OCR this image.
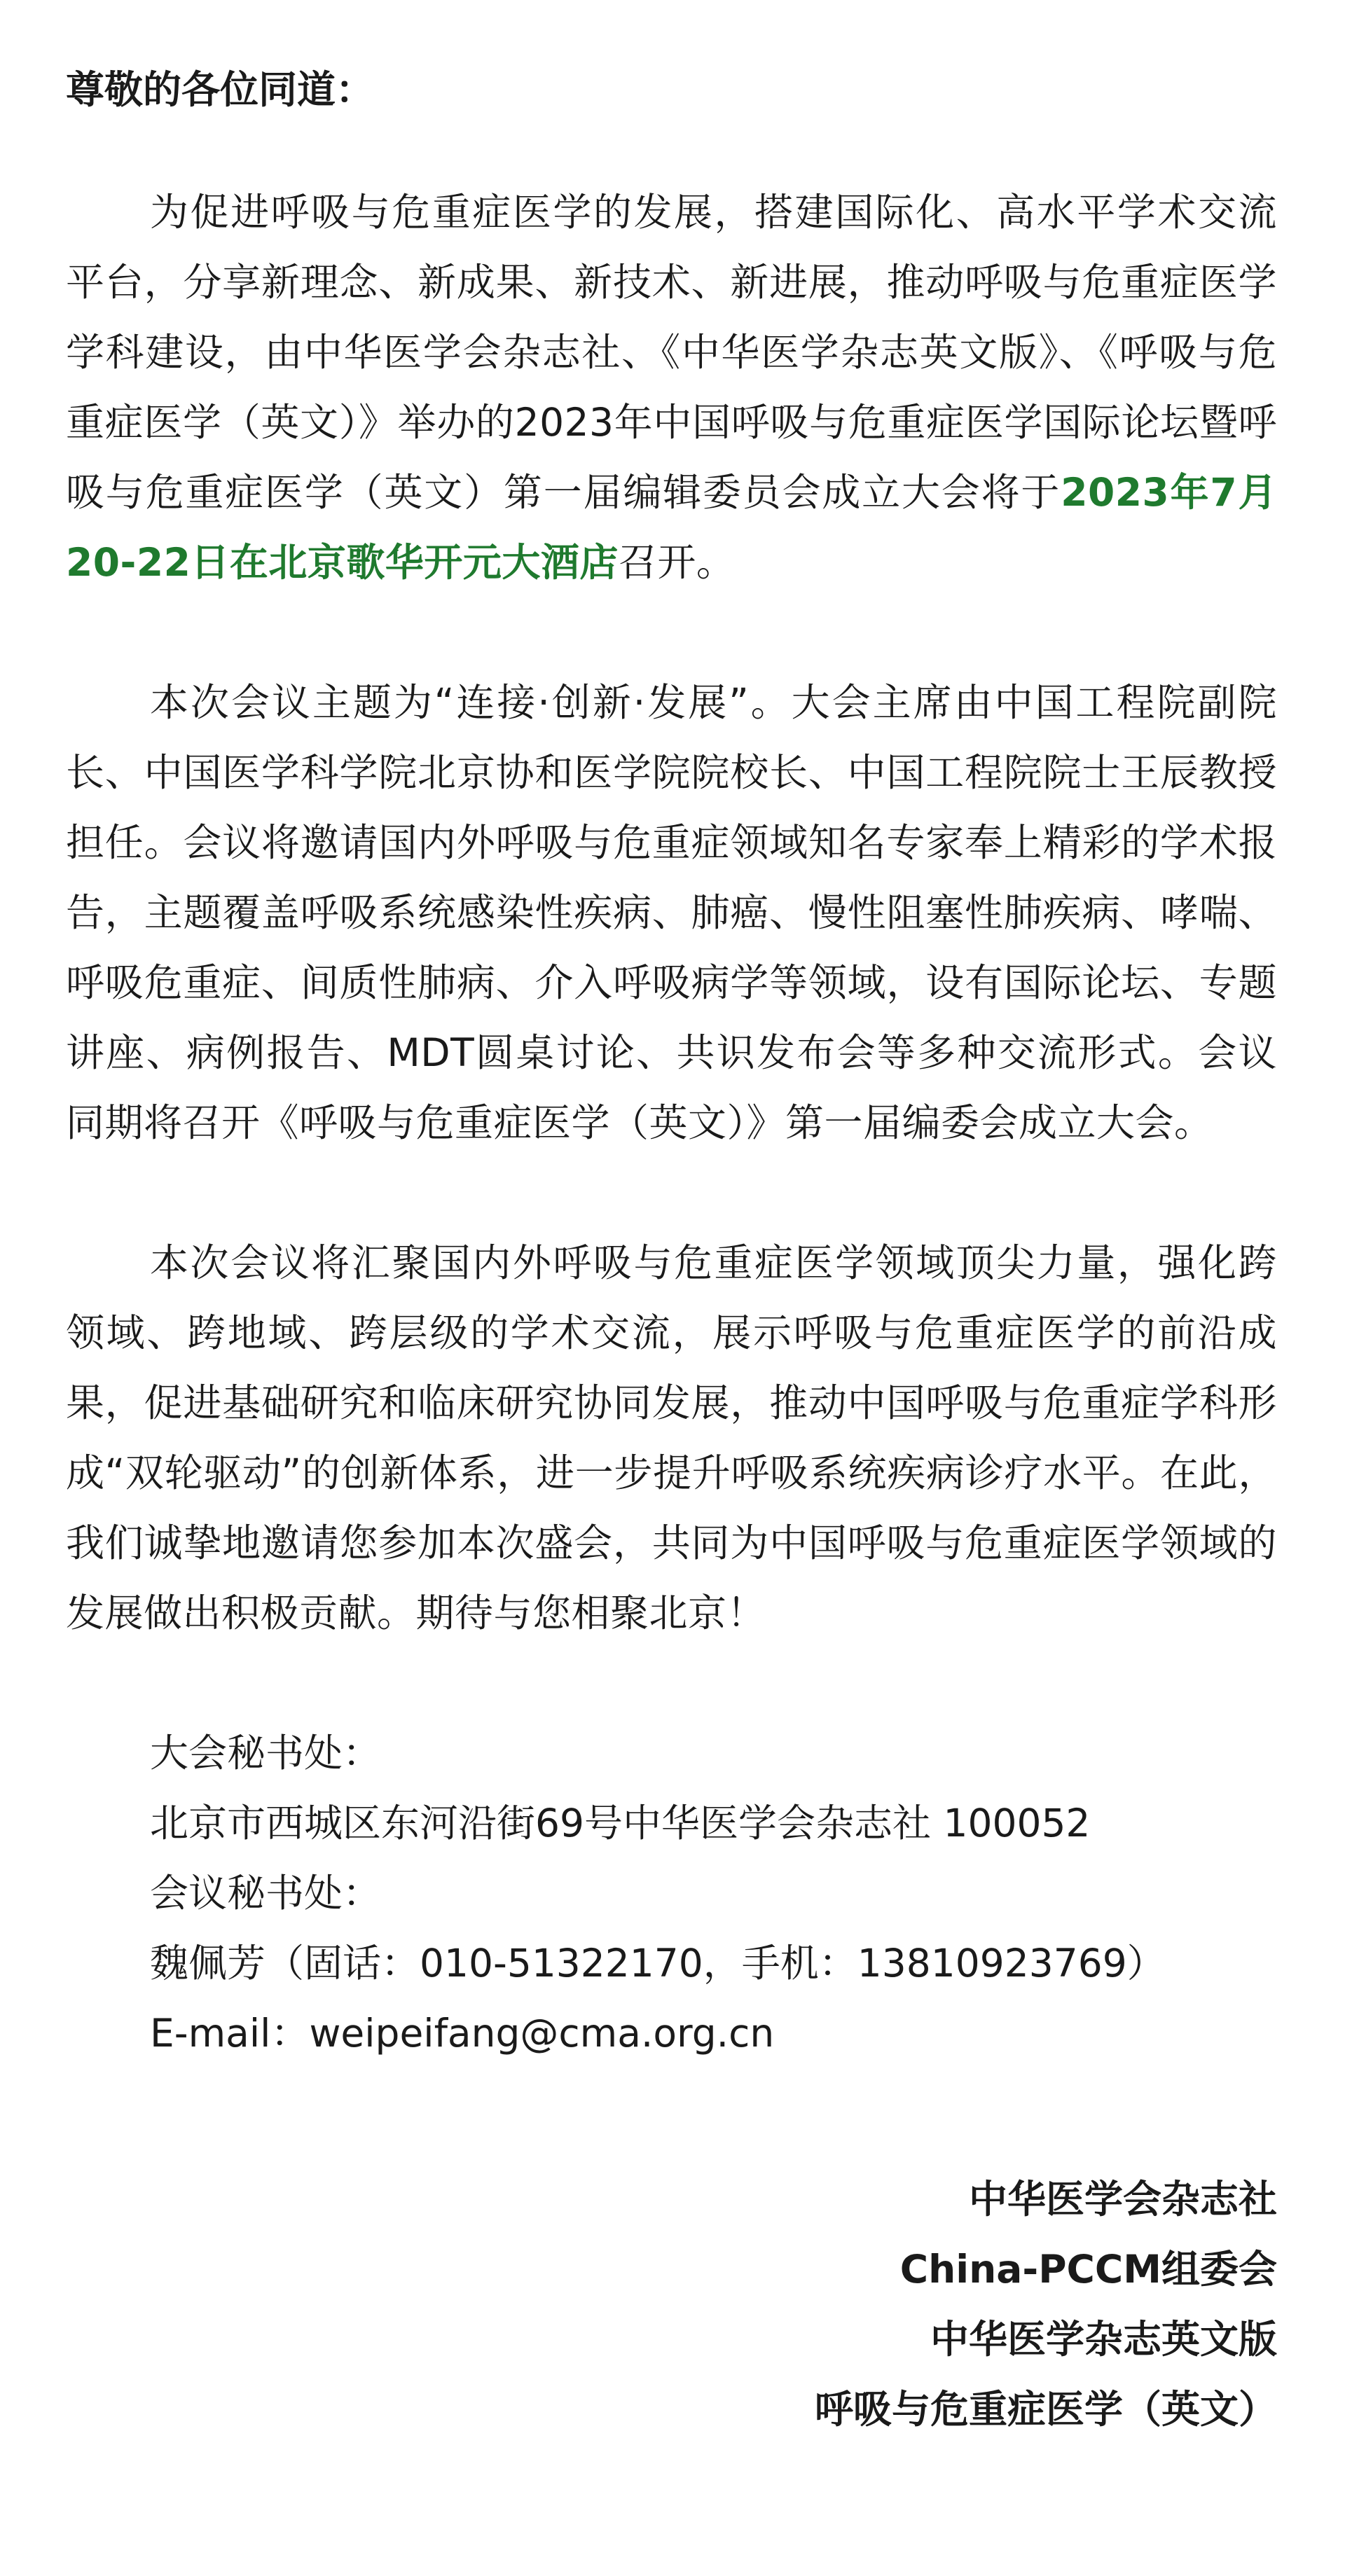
尊敬的各位同道：

为促进呼吸与危重症医学的发展，搭建国际化、高水平学术交流平台，分享新理念、新成果、新技术、新进展，推动呼吸与危重症医学学科建设，由中华医学会杂志社、《中华医学杂志英文版》、《呼吸与危重症医学（英文）》举办的2023年中国呼吸与危重症医学国际论坛暨呼吸与危重症医学（英文）第一届编辑委员会成立大会将于2023年7月20-22日在北京歌华开元大酒店召开。

本次会议主题为“连接·创新·发展”。大会主席由中国工程院副院长、中国医学科学院北京协和医学院院校长、中国工程院院士王辰教授担任。会议将邀请国内外呼吸与危重症领域知名专家奉上精彩的学术报告，主题覆盖呼吸系统感染性疾病、肺癌、慢性阻塞性肺疾病、哮喘、呼吸危重症、间质性肺病、介入呼吸病学等领域，设有国际论坛、专题讲座、病例报告、MDT圆桌讨论、共识发布会等多种交流形式。会议同期将召开《呼吸与危重症医学（英文）》第一届编委会成立大会。

本次会议将汇聚国内外呼吸与危重症医学领域顶尖力量，强化跨领域、跨地域、跨层级的学术交流，展示呼吸与危重症医学的前沿成果，促进基础研究和临床研究协同发展，推动中国呼吸与危重症学科形成“双轮驱动”的创新体系，进一步提升呼吸系统疾病诊疗水平。在此，我们诚挚地邀请您参加本次盛会，共同为中国呼吸与危重症医学领域的发展做出积极贡献。期待与您相聚北京！

大会秘书处：
北京市西城区东河沿街69号中华医学会杂志社 100052
会议秘书处：
魏佩芳（固话：010-51322170，手机：13810923769）
E-mail：weipeifang@cma.org.cn
中华医学会杂志社
China-PCCM组委会
中华医学杂志英文版
呼吸与危重症医学（英文）
